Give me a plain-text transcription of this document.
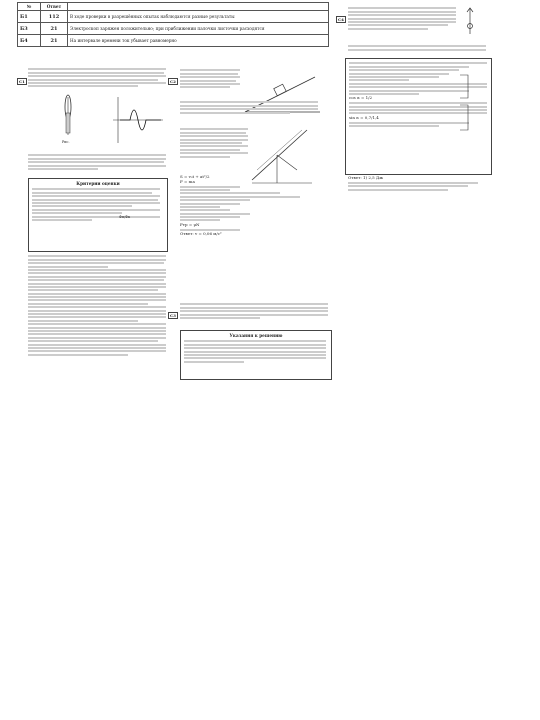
№	Ответ	
Б1	112	В ходе проверки в разрешённых опытах наблюдаются разные результаты
Б3	21	Электроскоп заряжен положительно; при приближении палочки листочки расходятся
Б4	21	На интервале времени ток убывает равномерно
C1
Рис.
Критерии оценки
Фп/Фк
C2
S = v₀t + at²/2
F = ma
Fтр = μN
Ответ: v = 0,06 м/с²
C3
Указания к решению
C4
cos α = 1/2
sin α = 0,7/1,4
Ответ: 1) 2,5 Дж
